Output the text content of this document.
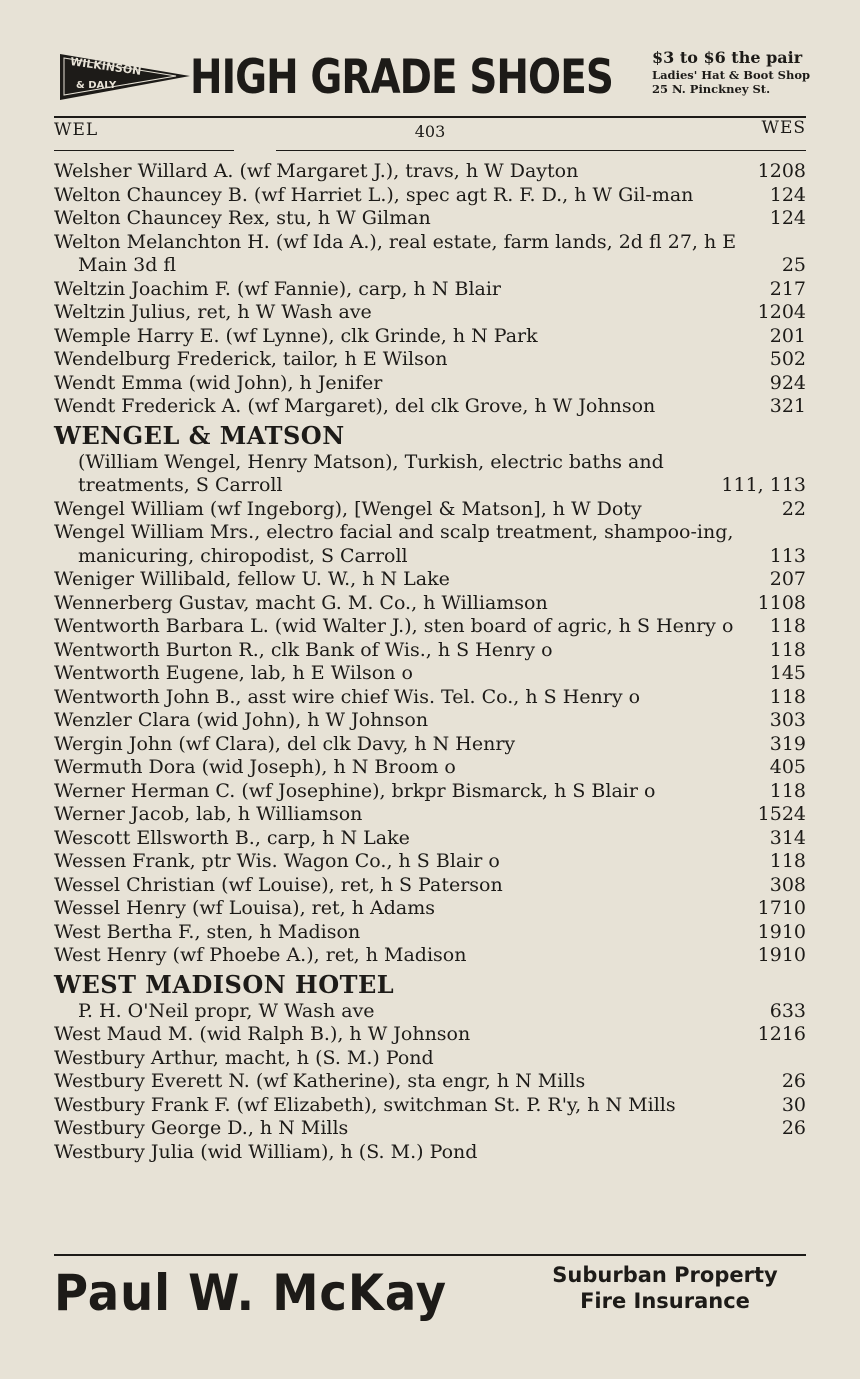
WILKINSON
& DALY HIGH GRADE SHOES $3 to $6 the pair
Ladies' Hat & Boot Shop
25 N. Pinckney St.
WEL	403	WES
Welsher Willard A. (wf Margaret J.), travs, h W Dayton	1208
Welton Chauncey B. (wf Harriet L.), spec agt R. F. D., h W Gil-man	124
Welton Chauncey Rex, stu, h W Gilman	124
Welton Melanchton H. (wf Ida A.), real estate, farm lands, 2d fl 27, h E Main 3d fl	25
Weltzin Joachim F. (wf Fannie), carp, h N Blair	217
Weltzin Julius, ret, h W Wash ave	1204
Wemple Harry E. (wf Lynne), clk Grinde, h N Park	201
Wendelburg Frederick, tailor, h E Wilson	502
Wendt Emma (wid John), h Jenifer	924
Wendt Frederick A. (wf Margaret), del clk Grove, h W Johnson	321
WENGEL & MATSON
(William Wengel, Henry Matson), Turkish, electric baths and treatments, S Carroll	111, 113
Wengel William (wf Ingeborg), [Wengel & Matson], h W Doty	22
Wengel William Mrs., electro facial and scalp treatment, shampoo-ing, manicuring, chiropodist, S Carroll	113
Weniger Willibald, fellow U. W., h N Lake	207
Wennerberg Gustav, macht G. M. Co., h Williamson	1108
Wentworth Barbara L. (wid Walter J.), sten board of agric, h S Henry o	118
Wentworth Burton R., clk Bank of Wis., h S Henry o	118
Wentworth Eugene, lab, h E Wilson o	145
Wentworth John B., asst wire chief Wis. Tel. Co., h S Henry o	118
Wenzler Clara (wid John), h W Johnson	303
Wergin John (wf Clara), del clk Davy, h N Henry	319
Wermuth Dora (wid Joseph), h N Broom o	405
Werner Herman C. (wf Josephine), brkpr Bismarck, h S Blair o	118
Werner Jacob, lab, h Williamson	1524
Wescott Ellsworth B., carp, h N Lake	314
Wessen Frank, ptr Wis. Wagon Co., h S Blair o	118
Wessel Christian (wf Louise), ret, h S Paterson	308
Wessel Henry (wf Louisa), ret, h Adams	1710
West Bertha F., sten, h Madison	1910
West Henry (wf Phoebe A.), ret, h Madison	1910
WEST MADISON HOTEL
P. H. O'Neil propr, W Wash ave	633
West Maud M. (wid Ralph B.), h W Johnson	1216
Westbury Arthur, macht, h (S. M.) Pond
Westbury Everett N. (wf Katherine), sta engr, h N Mills	26
Westbury Frank F. (wf Elizabeth), switchman St. P. R'y, h N Mills	30
Westbury George D., h N Mills	26
Westbury Julia (wid William), h (S. M.) Pond
Paul W. McKay	Suburban Property
Fire Insurance
